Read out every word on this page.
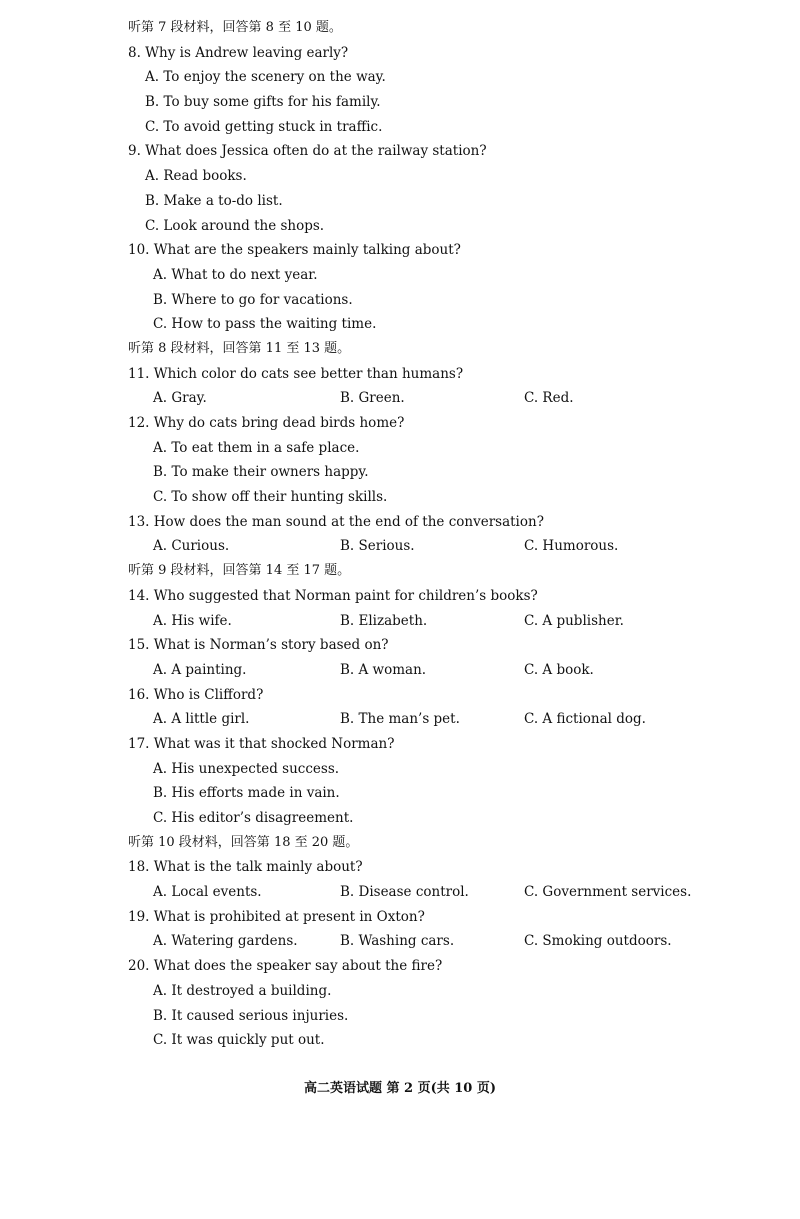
听第 7 段材料，回答第 8 至 10 题。
8. Why is Andrew leaving early?
A. To enjoy the scenery on the way.
B. To buy some gifts for his family.
C. To avoid getting stuck in traffic.
9. What does Jessica often do at the railway station?
A. Read books.
B. Make a to-do list.
C. Look around the shops.
10. What are the speakers mainly talking about?
A. What to do next year.
B. Where to go for vacations.
C. How to pass the waiting time.
听第 8 段材料，回答第 11 至 13 题。
11. Which color do cats see better than humans?
A. Gray.	B. Green.	C. Red.
12. Why do cats bring dead birds home?
A. To eat them in a safe place.
B. To make their owners happy.
C. To show off their hunting skills.
13. How does the man sound at the end of the conversation?
A. Curious.	B. Serious.	C. Humorous.
听第 9 段材料，回答第 14 至 17 题。
14. Who suggested that Norman paint for children’s books?
A. His wife.	B. Elizabeth.	C. A publisher.
15. What is Norman’s story based on?
A. A painting.	B. A woman.	C. A book.
16. Who is Clifford?
A. A little girl.	B. The man’s pet.	C. A fictional dog.
17. What was it that shocked Norman?
A. His unexpected success.
B. His efforts made in vain.
C. His editor’s disagreement.
听第 10 段材料，回答第 18 至 20 题。
18. What is the talk mainly about?
A. Local events.	B. Disease control.	C. Government services.
19. What is prohibited at present in Oxton?
A. Watering gardens.	B. Washing cars.	C. Smoking outdoors.
20. What does the speaker say about the fire?
A. It destroyed a building.
B. It caused serious injuries.
C. It was quickly put out.
高二英语试题 第 2 页(共 10 页)
